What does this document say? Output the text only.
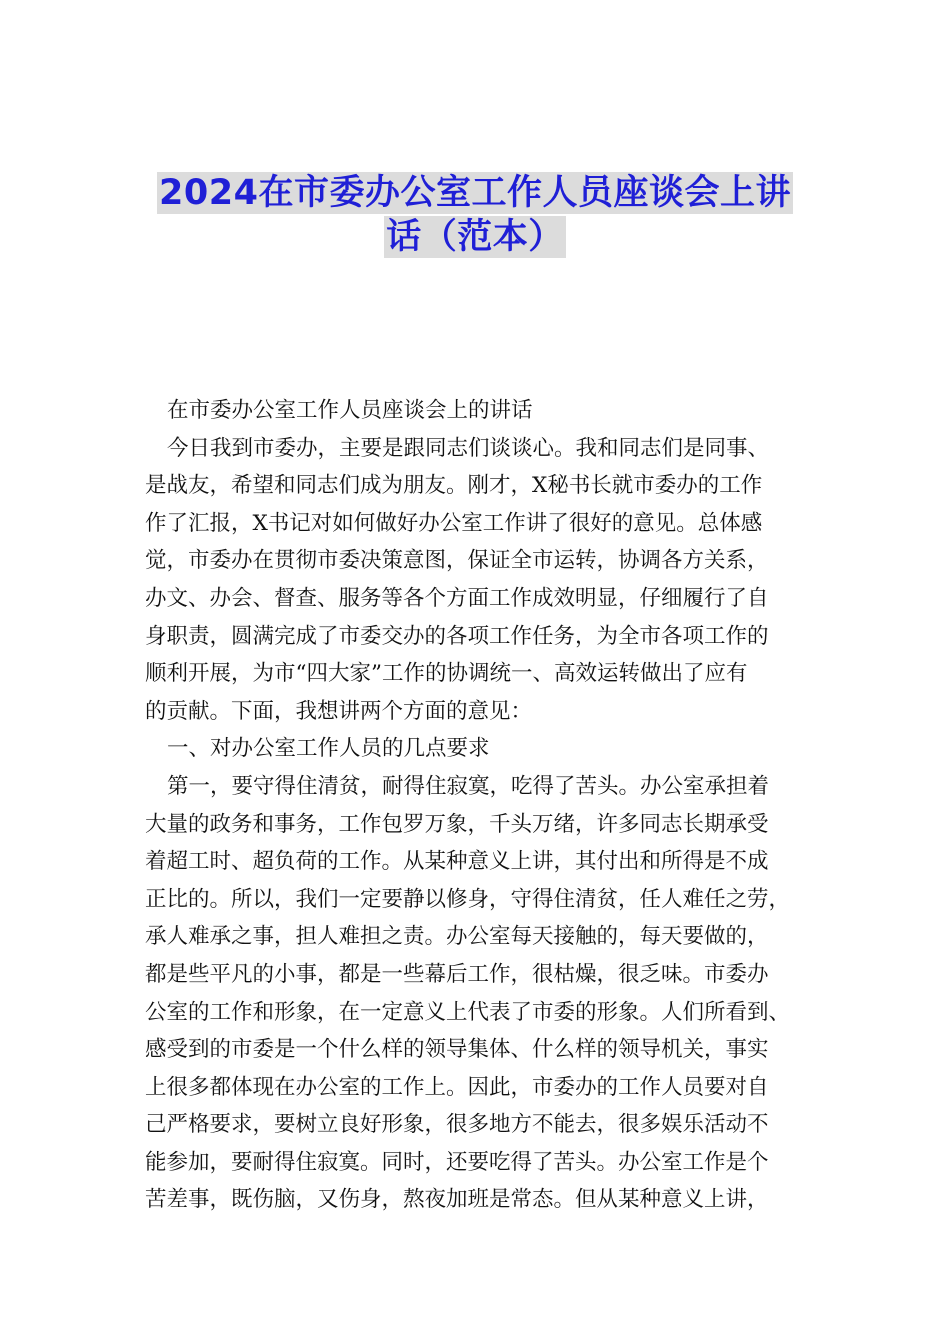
2024在市委办公室工作人员座谈会上讲
话（范本）
在市委办公室工作人员座谈会上的讲话
今日我到市委办，主要是跟同志们谈谈心。我和同志们是同事、
是战友，希望和同志们成为朋友。刚才，X秘书长就市委办的工作
作了汇报，X书记对如何做好办公室工作讲了很好的意见。总体感
觉，市委办在贯彻市委决策意图，保证全市运转，协调各方关系，
办文、办会、督查、服务等各个方面工作成效明显，仔细履行了自
身职责，圆满完成了市委交办的各项工作任务，为全市各项工作的
顺利开展，为市“四大家”工作的协调统一、高效运转做出了应有
的贡献。下面，我想讲两个方面的意见：
一、对办公室工作人员的几点要求
第一，要守得住清贫，耐得住寂寞，吃得了苦头。办公室承担着
大量的政务和事务，工作包罗万象，千头万绪，许多同志长期承受
着超工时、超负荷的工作。从某种意义上讲，其付出和所得是不成
正比的。所以，我们一定要静以修身，守得住清贫，任人难任之劳，
承人难承之事，担人难担之责。办公室每天接触的，每天要做的，
都是些平凡的小事，都是一些幕后工作，很枯燥，很乏味。市委办
公室的工作和形象，在一定意义上代表了市委的形象。人们所看到、
感受到的市委是一个什么样的领导集体、什么样的领导机关，事实
上很多都体现在办公室的工作上。因此，市委办的工作人员要对自
己严格要求，要树立良好形象，很多地方不能去，很多娱乐活动不
能参加，要耐得住寂寞。同时，还要吃得了苦头。办公室工作是个
苦差事，既伤脑，又伤身，熬夜加班是常态。但从某种意义上讲，
